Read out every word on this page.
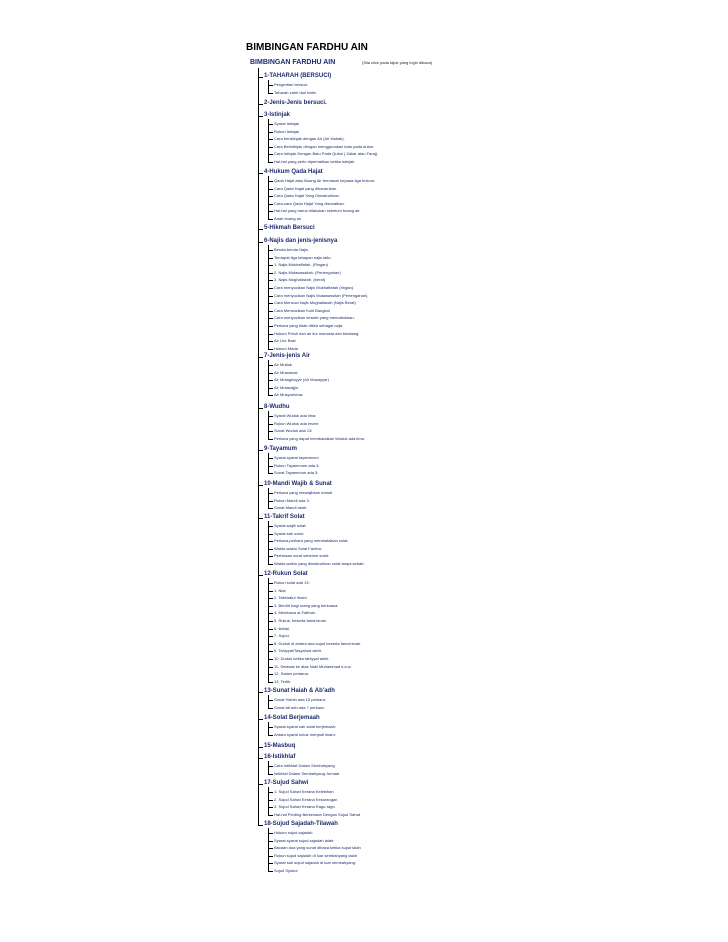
BIMBINGAN FARDHU AIN
BIMBINGAN FARDHU AIN	(Sila click pada tajuk yang ingin dibaca)
1-TAHARAH (BERSUCI)
Pengertian bersuci
Taharah zahir dan batin
2-Jenis-Jenis bersuci.
3-Istinjak
Syarat Istinjak
Rukun Istinjak
Cara beristinjak dengan Air (Air Mutlak).
Cara Beristinjak dengan menggunakan batu pada dubur.
Cara Istinjak Dengan Batu Pada Qubul ( Zakar atau Faraj).
Hal-hal yang perlu diperhatikan ketika istinjak
4-Hukum Qada Hajat
Qada Hajat atau Buang Air termasuk kepada tiga hukum:
Cara Qada Hajat yang dihararnkan.
Cara Qada Hajat Yang Dimakruhkan.
Cara-cara Qada Hajat Yang disunatkan.
Hal-hal yang harus dilakukan sebelum buang air.
Adab buang air
5-Hikmah Bersuci
6-Najis dan jenis-jenisnya
Benda-benda Najis
Terdapat tiga tahapan najis iaitu:
1. Najis Mukhaffafah. (Ringan)
2. Najis Mutawassitah. (Pertengahan)
3. Najis Mughallazah. (berat)
Cara menyucikan Najis Mukhaffafah (ringan).
Cara menyucikan Najis Mutawassitah (Pertengahan).
Cara Mensuci Najis Mughallazah (Najis Berat)
Cara Mensucikan Kulit Bangkai
Cara menyucikan sesiain yang memabukkan.
Perkara yang tidak dikira sebagai najis
Hukum Peluh dan air liur manusia dan binatang:
Air Liur Basi
Hukum Mada
7-Jenis-jenis Air
Air Mutlak
Air Mustamal
Air Mutaghayyir (Air Musayyar)
Air Mutanajjis
Air Musyammas
8-Wudhu
Syarat Wuduk ada lima:
Rukun Wuduk ada enam:
Sunat Wuduk ada 13:
Perkara yang dapat membatalkan Wuduk ada lima:
9-Tayamum
Syarat-syarat tayammum
Rukun Tayammum ada 3:
Sunat Tayammum ada 3:
10-Mandi Wajib & Sunat
Perkara yang mewajibkan mandi
Rukun Mandi ada 3.
Sunat Mandi ialah:
11-Takrif Solat
Syarat wajib solat:
Syarat sah solat:
Perkara-perkara yang membatalkan solat:
Waktu-waktu Solat Fardhu:
Perhiasan surat sebelum solat:
Waktu-waktu yang dimakruhkan solat tanpa sebab:
12-Rukun Solat
Rukun solat ada 13:
1. Niat
2. Takbiratul Ihram
3. Berdiri bagi orang yang berkuasa.
4. Membaca al-Fatihah.
5. Rukuk, beserta tama'ninah.
6. Iktidal.
7. Sujud.
8. Duduk di antara dua sujud beserta tama'ninah.
9. Tahiyyat/Tasyahud akhir.
10. Duduk ketika tahiyyat akhir.
11. Selawat ke atas Nabi Muhammad s.a.w.
12. Salam pertama.
13. Tertib.
13-Sunat Haiah & Ab'adh
Sunat Hai'ah ada 15 perkara:
Sunat Ab'adh ada 7 perkara:
14-Solat Berjemaah
Syarat-syarat sah solat berjemaah:
Antara syarat untuk menjadi imam:
15-Masbuq
16-Istikhlaf
Cara Istikhlaf Dalam Sembahyang
Istikhlaf Dalam Sembahyang Jumaat
17-Sujud Sahwi
1. Sujud Sahwi Kerana Kelebihan
2. Sujud Sahwi Kerana Kekurangan
3. Sujud Sahwi Kerana Ragu-ragu
Hal-hal Penting Berkenaan Dengan Sujud Sahwi
18-Sujud Sajadah-Tilawah
Hukum sujud sajadah
Syarat-syarat sujud sajadah ialah:
Bacaan doa yang sunat dibaca ketika sujud ialah
Rukun sujud sajadah di luar sembahyang ialah
Syarat sah sujud sajadah di luar sembahyang:
Sujud Syukur
